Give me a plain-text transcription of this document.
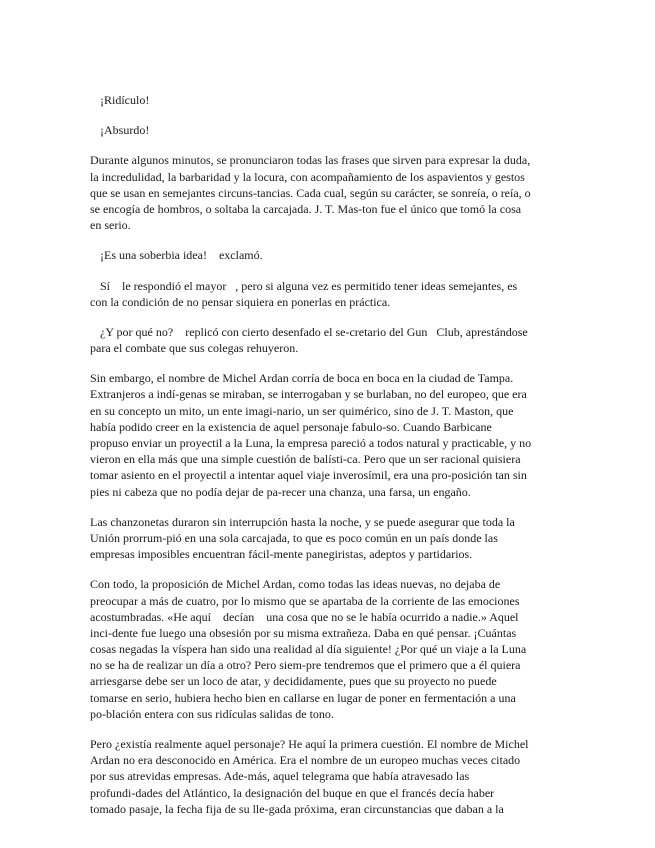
¡Ridículo!
¡Absurdo!
Durante algunos minutos, se pronunciaron todas las frases que sirven para expresar la duda,
la incredulidad, la barbaridad y la locura, con acompañamiento de los aspavientos y gestos
que se usan en semejantes circuns-tancias. Cada cual, según su carácter, se sonreía, o reía, o
se encogía de hombros, o soltaba la carcajada. J. T. Mas-ton fue el único que tomó la cosa
en serio.
¡Es una soberbia idea!    exclamó.
Sí    le respondió el mayor   , pero si alguna vez es permitido tener ideas semejantes, es
con la condición de no pensar siquiera en ponerlas en práctica.
¿Y por qué no?    replicó con cierto desenfado el se-cretario del Gun   Club, aprestándose
para el combate que sus colegas rehuyeron.
Sin embargo, el nombre de Michel Ardan corría de boca en boca en la ciudad de Tampa.
Extranjeros a indí-genas se miraban, se interrogaban y se burlaban, no del europeo, que era
en su concepto un mito, un ente imagi-nario, un ser quimérico, sino de J. T. Maston, que
había podido creer en la existencia de aquel personaje fabulo-so. Cuando Barbicane
propuso enviar un proyectil a la Luna, la empresa pareció a todos natural y practicable, y no
vieron en ella más que una simple cuestión de balísti-ca. Pero que un ser racional quisiera
tomar asiento en el proyectil a intentar aquel viaje inverosímil, era una pro-posición tan sin
pies ni cabeza que no podía dejar de pa-recer una chanza, una farsa, un engaño.
Las chanzonetas duraron sin interrupción hasta la noche, y se puede asegurar que toda la
Unión prorrum-pió en una sola carcajada, to que es poco común en un país donde las
empresas imposibles encuentran fácil-mente panegiristas, adeptos y partidarios.
Con todo, la proposición de Michel Ardan, como todas las ideas nuevas, no dejaba de
preocupar a más de cuatro, por lo mismo que se apartaba de la corriente de las emociones
acostumbradas. «He aquí    decían    una cosa que no se le había ocurrido a nadie.» Aquel
inci-dente fue luego una obsesión por su misma extrañeza. Daba en qué pensar. ¡Cuántas
cosas negadas la víspera han sido una realidad al día siguiente! ¿Por qué un viaje a la Luna
no se ha de realizar un día a otro? Pero siem-pre tendremos que el primero que a él quiera
arriesgarse debe ser un loco de atar, y decididamente, pues que su proyecto no puede
tomarse en serio, hubiera hecho bien en callarse en lugar de poner en fermentación a una
po-blación entera con sus ridículas salidas de tono.
Pero ¿existía realmente aquel personaje? He aquí la primera cuestión. El nombre de Michel
Ardan no era desconocido en América. Era el nombre de un europeo muchas veces citado
por sus atrevidas empresas. Ade-más, aquel telegrama que había atravesado las
profundi-dades del Atlántico, la designación del buque en que el francés decía haber
tomado pasaje, la fecha fija de su lle-gada próxima, eran circunstancias que daban a la
